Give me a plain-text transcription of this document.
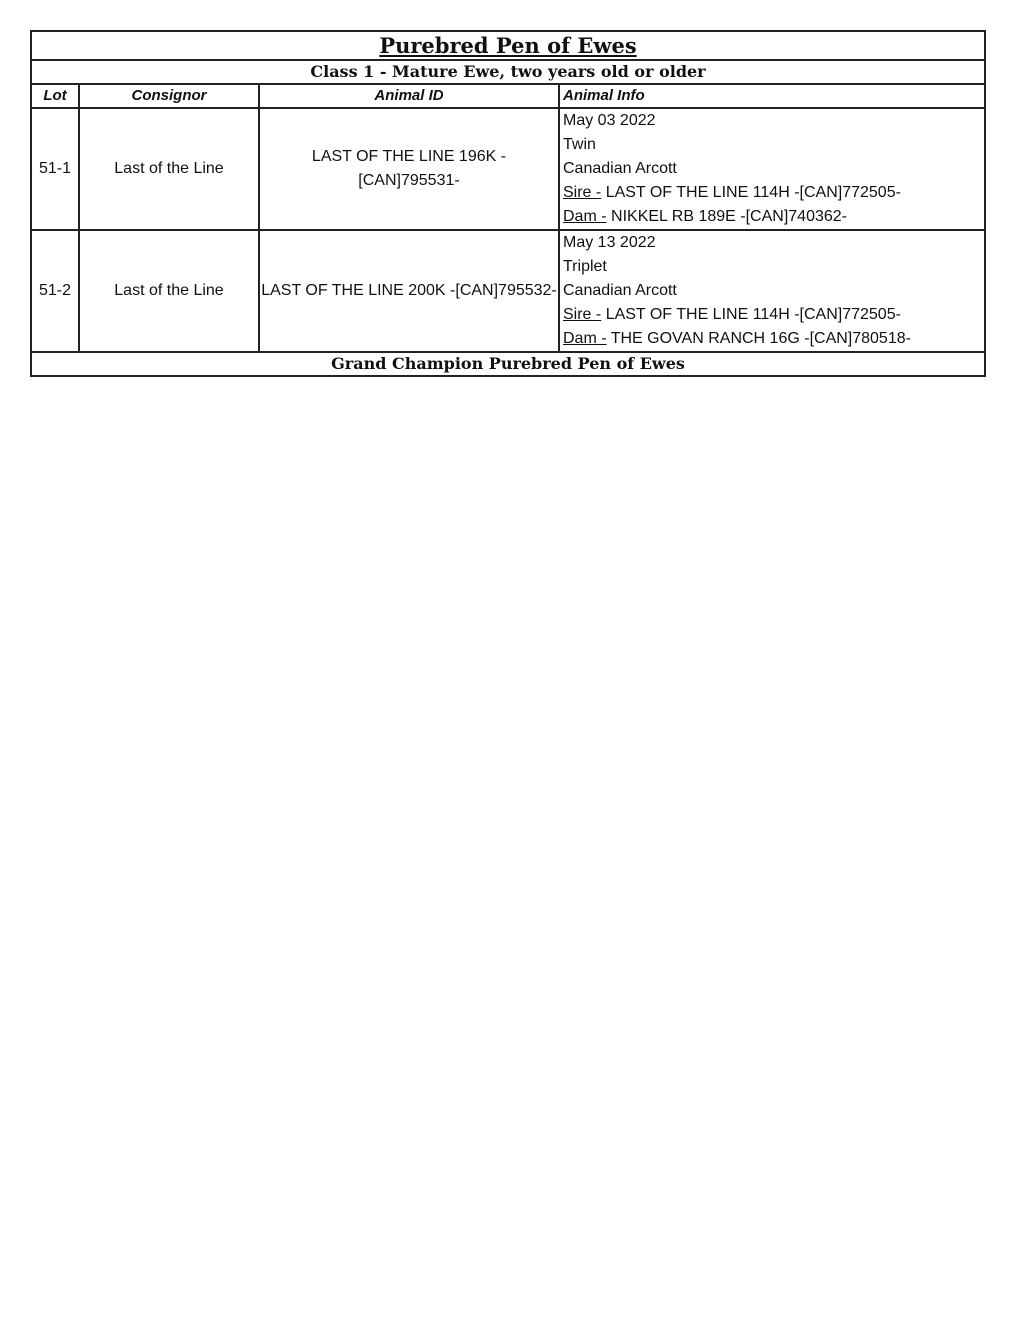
Purebred Pen of Ewes			
Class 1 - Mature Ewe, two years old or older			
Lot	Consignor	Animal ID	Animal Info
51-1	Last of the Line	LAST OF THE LINE 196K -[CAN]795531-	May 03 2022
Twin
Canadian Arcott
Sire - LAST OF THE LINE 114H -[CAN]772505-
Dam - NIKKEL RB 189E -[CAN]740362-

51-2	Last of the Line	LAST OF THE LINE 200K -[CAN]795532-	May 13 2022
Triplet
Canadian Arcott
Sire - LAST OF THE LINE 114H -[CAN]772505-
Dam - THE GOVAN RANCH 16G -[CAN]780518-

Grand Champion Purebred Pen of Ewes			
